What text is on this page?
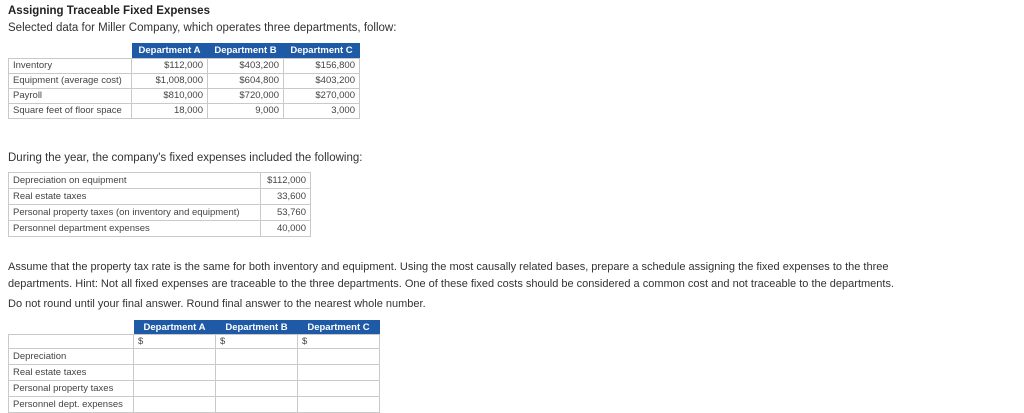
Assigning Traceable Fixed Expenses
Selected data for Miller Company, which operates three departments, follow:
	Department A	Department B	Department C
Inventory	$112,000	$403,200	$156,800
Equipment (average cost)	$1,008,000	$604,800	$403,200
Payroll	$810,000	$720,000	$270,000
Square feet of floor space	18,000	9,000	3,000
During the year, the company's fixed expenses included the following:
Depreciation on equipment	$112,000
Real estate taxes	33,600
Personal property taxes (on inventory and equipment)	53,760
Personnel department expenses	40,000
Assume that the property tax rate is the same for both inventory and equipment. Using the most causally related bases, prepare a schedule assigning the fixed expenses to the three
departments. Hint: Not all fixed expenses are traceable to the three departments. One of these fixed costs should be considered a common cost and not traceable to the departments.
Do not round until your final answer. Round final answer to the nearest whole number.
	Department A	Department B	Department C
	$	$	$
Depreciation			
Real estate taxes			
Personal property taxes			
Personnel dept. expenses			
